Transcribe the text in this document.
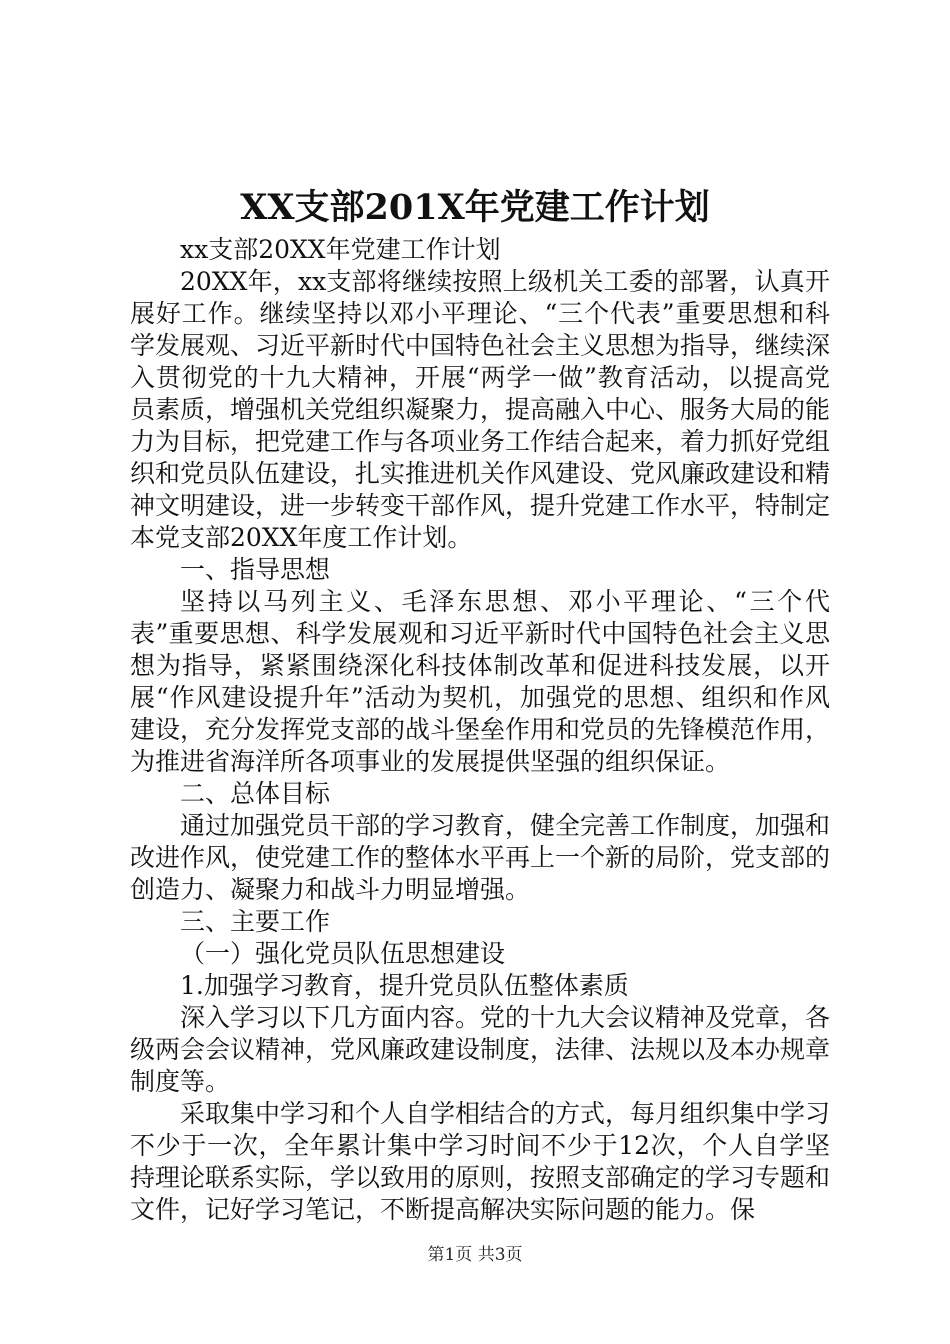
XX支部201X年党建工作计划

xx支部20XX年党建工作计划

20XX年，xx支部将继续按照上级机关工委的部署，认真开展好工作。继续坚持以邓小平理论、“三个代表”重要思想和科学发展观、习近平新时代中国特色社会主义思想为指导，继续深入贯彻党的十九大精神，开展“两学一做”教育活动，以提高党员素质，增强机关党组织凝聚力，提高融入中心、服务大局的能力为目标，把党建工作与各项业务工作结合起来，着力抓好党组织和党员队伍建设，扎实推进机关作风建设、党风廉政建设和精神文明建设，进一步转变干部作风，提升党建工作水平，特制定本党支部20XX年度工作计划。

一、指导思想

坚持以马列主义、毛泽东思想、邓小平理论、“三个代表”重要思想、科学发展观和习近平新时代中国特色社会主义思想为指导，紧紧围绕深化科技体制改革和促进科技发展，以开展“作风建设提升年”活动为契机，加强党的思想、组织和作风建设，充分发挥党支部的战斗堡垒作用和党员的先锋模范作用，为推进省海洋所各项事业的发展提供坚强的组织保证。

二、总体目标

通过加强党员干部的学习教育，健全完善工作制度，加强和改进作风，使党建工作的整体水平再上一个新的局阶，党支部的创造力、凝聚力和战斗力明显增强。

三、主要工作

（一）强化党员队伍思想建设

1.加强学习教育，提升党员队伍整体素质

深入学习以下几方面内容。党的十九大会议精神及党章，各级两会会议精神，党风廉政建设制度，法律、法规以及本办规章制度等。

采取集中学习和个人自学相结合的方式，每月组织集中学习不少于一次，全年累计集中学习时间不少于12次，个人自学坚持理论联系实际，学以致用的原则，按照支部确定的学习专题和文件，记好学习笔记，不断提高解决实际问题的能力。保

第1页 共3页
